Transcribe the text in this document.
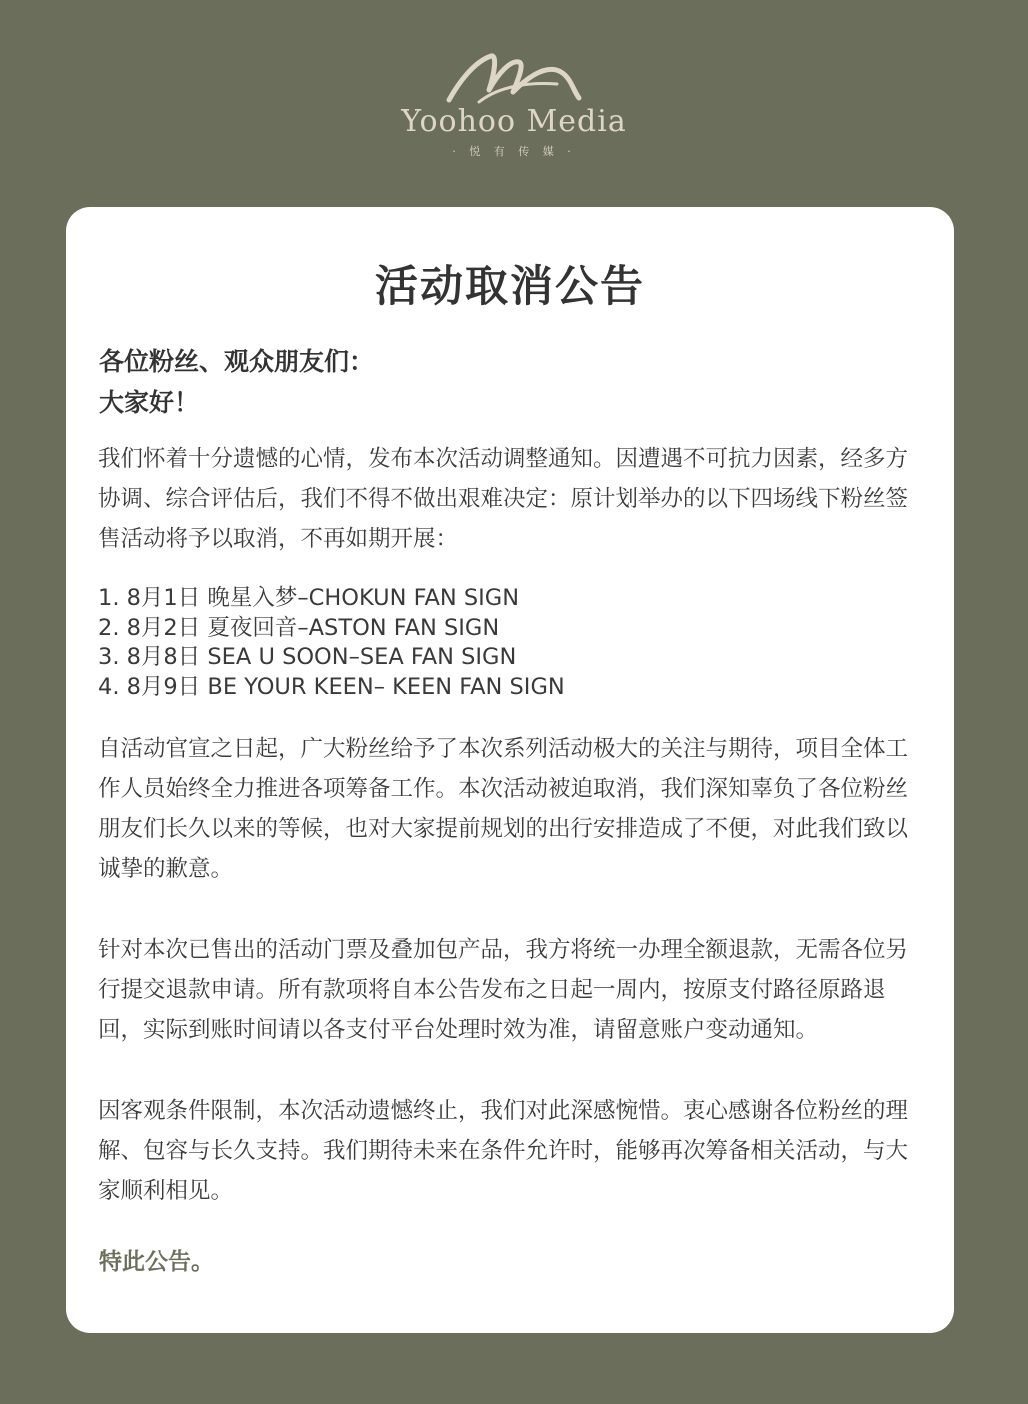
Yoohoo Media
· 悦 有 传 媒 ·
活动取消公告
各位粉丝、观众朋友们：
大家好！
我们怀着十分遗憾的心情，发布本次活动调整通知。因遭遇不可抗力因素，经多方协调、综合评估后，我们不得不做出艰难决定：原计划举办的以下四场线下粉丝签售活动将予以取消，不再如期开展：
1. 8月1日 晚星入梦–CHOKUN FAN SIGN
2. 8月2日 夏夜回音–ASTON FAN SIGN
3. 8月8日 SEA U SOON–SEA FAN SIGN
4. 8月9日 BE YOUR KEEN– KEEN FAN SIGN
自活动官宣之日起，广大粉丝给予了本次系列活动极大的关注与期待，项目全体工作人员始终全力推进各项筹备工作。本次活动被迫取消，我们深知辜负了各位粉丝朋友们长久以来的等候，也对大家提前规划的出行安排造成了不便，对此我们致以诚挚的歉意。
针对本次已售出的活动门票及叠加包产品，我方将统一办理全额退款，无需各位另行提交退款申请。所有款项将自本公告发布之日起一周内，按原支付路径原路退回，实际到账时间请以各支付平台处理时效为准，请留意账户变动通知。
因客观条件限制，本次活动遗憾终止，我们对此深感惋惜。衷心感谢各位粉丝的理解、包容与长久支持。我们期待未来在条件允许时，能够再次筹备相关活动，与大家顺利相见。
特此公告。
